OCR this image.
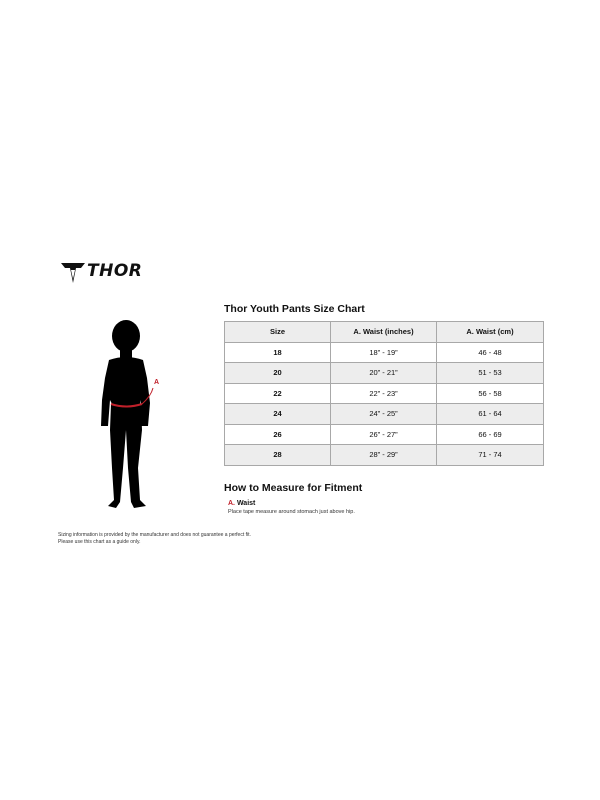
THOR
A
Thor Youth Pants Size Chart
Size	A. Waist (inches)	A. Waist (cm)
18	18” - 19”	46 - 48
20	20” - 21”	51 - 53
22	22” - 23”	56 - 58
24	24” - 25”	61 - 64
26	26” - 27”	66 - 69
28	28” - 29”	71 - 74
How to Measure for Fitment
A. Waist
Place tape measure around stomach just above hip.
Sizing information is provided by the manufacturer and does not guarantee a perfect fit.
Please use this chart as a guide only.
